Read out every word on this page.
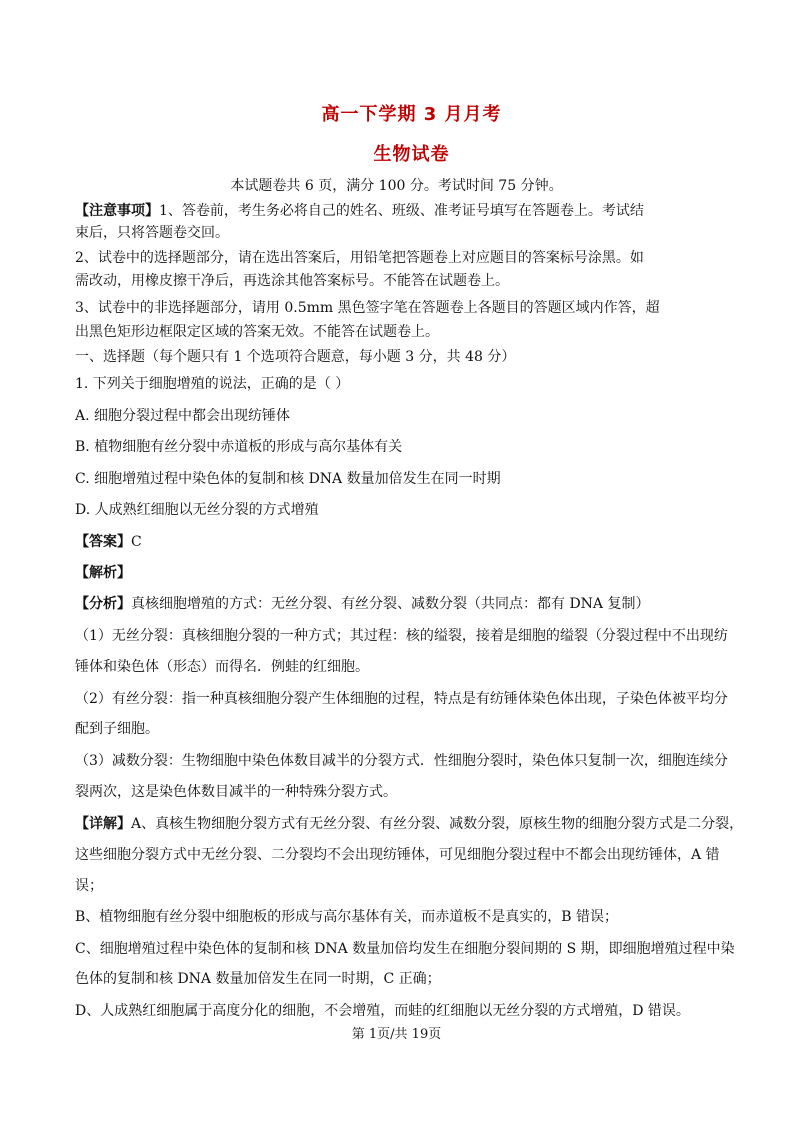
高一下学期 3 月月考
生物试卷
本试题卷共 6 页，满分 100 分。考试时间 75 分钟。
【注意事项】1、答卷前，考生务必将自己的姓名、班级、准考证号填写在答题卷上。考试结
束后，只将答题卷交回。
2、试卷中的选择题部分，请在选出答案后，用铅笔把答题卷上对应题目的答案标号涂黑。如
需改动，用橡皮擦干净后，再选涂其他答案标号。不能答在试题卷上。
3、试卷中的非选择题部分，请用 0.5mm 黑色签字笔在答题卷上各题目的答题区域内作答，超
出黑色矩形边框限定区域的答案无效。不能答在试题卷上。
一、选择题（每个题只有 1 个选项符合题意，每小题 3 分，共 48 分）
1. 下列关于细胞增殖的说法，正确的是（ ）
A. 细胞分裂过程中都会出现纺锤体
B. 植物细胞有丝分裂中赤道板的形成与高尔基体有关
C. 细胞增殖过程中染色体的复制和核 DNA 数量加倍发生在同一时期
D. 人成熟红细胞以无丝分裂的方式增殖
【答案】C
【解析】
【分析】真核细胞增殖的方式：无丝分裂、有丝分裂、减数分裂（共同点：都有 DNA 复制）
（1）无丝分裂：真核细胞分裂的一种方式；其过程：核的缢裂，接着是细胞的缢裂（分裂过程中不出现纺
锤体和染色体（形态）而得名．例蛙的红细胞。
（2）有丝分裂：指一种真核细胞分裂产生体细胞的过程，特点是有纺锤体染色体出现，子染色体被平均分
配到子细胞。
（3）减数分裂：生物细胞中染色体数目减半的分裂方式．性细胞分裂时，染色体只复制一次，细胞连续分
裂两次，这是染色体数目减半的一种特殊分裂方式。
【详解】A、真核生物细胞分裂方式有无丝分裂、有丝分裂、减数分裂，原核生物的细胞分裂方式是二分裂，
这些细胞分裂方式中无丝分裂、二分裂均不会出现纺锤体，可见细胞分裂过程中不都会出现纺锤体，A 错
误；
B、植物细胞有丝分裂中细胞板的形成与高尔基体有关，而赤道板不是真实的，B 错误；
C、细胞增殖过程中染色体的复制和核 DNA 数量加倍均发生在细胞分裂间期的 S 期，即细胞增殖过程中染
色体的复制和核 DNA 数量加倍发生在同一时期，C 正确；
D、人成熟红细胞属于高度分化的细胞，不会增殖，而蛙的红细胞以无丝分裂的方式增殖，D 错误。
第 1页/共 19页
